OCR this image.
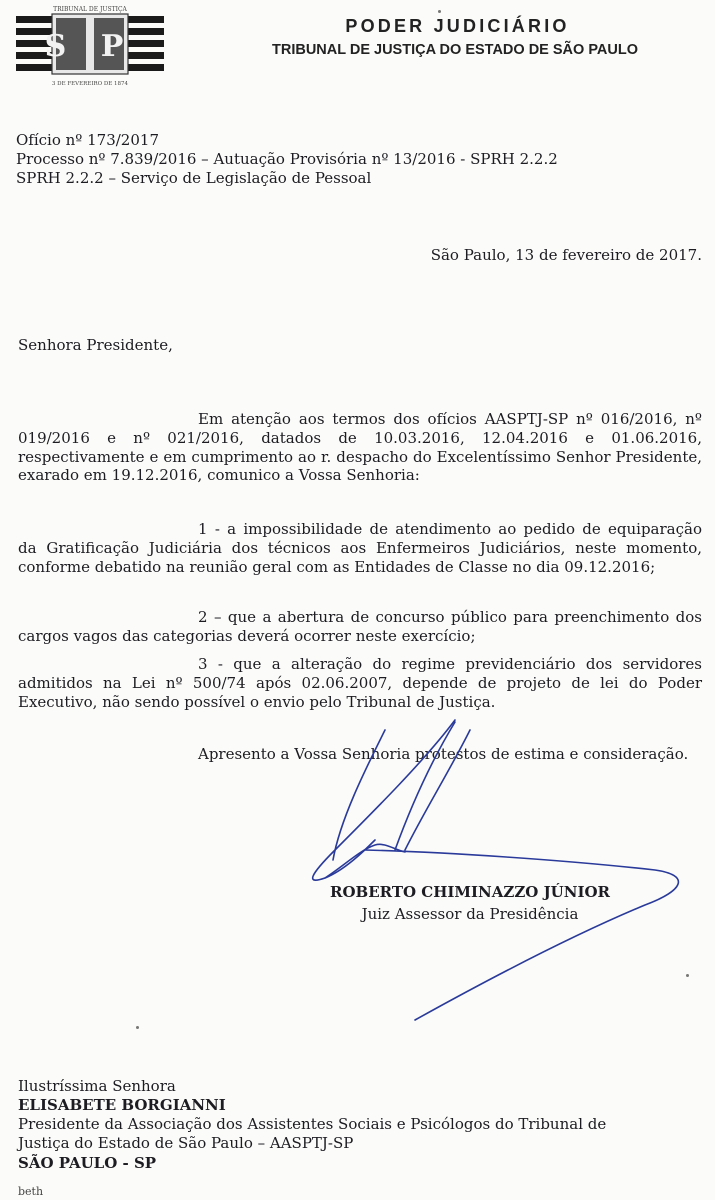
TRIBUNAL DE JUSTIÇA
S P
3 DE FEVEREIRO DE 1874
PODER JUDICIÁRIO
TRIBUNAL DE JUSTIÇA DO ESTADO DE SÃO PAULO
Ofício nº 173/2017
Processo nº 7.839/2016 – Autuação Provisória nº 13/2016 - SPRH 2.2.2
SPRH 2.2.2 – Serviço de Legislação de Pessoal
São Paulo, 13 de fevereiro de 2017.
Senhora Presidente,
Em atenção aos termos dos ofícios AASPTJ-SP nº 016/2016, nº 019/2016 e nº 021/2016, datados de 10.03.2016, 12.04.2016 e 01.06.2016, respectivamente e em cumprimento ao r. despacho do Excelentíssimo Senhor Presidente, exarado em 19.12.2016, comunico a Vossa Senhoria:
1 - a impossibilidade de atendimento ao pedido de equiparação da Gratificação Judiciária dos técnicos aos Enfermeiros Judiciários, neste momento, conforme debatido na reunião geral com as Entidades de Classe no dia 09.12.2016;
2 – que a abertura de concurso público para preenchimento dos cargos vagos das categorias deverá ocorrer neste exercício;
3 - que a alteração do regime previdenciário dos servidores admitidos na Lei nº 500/74 após 02.06.2007, depende de projeto de lei do Poder Executivo, não sendo possível o envio pelo Tribunal de Justiça.
Apresento a Vossa Senhoria protestos de estima e consideração.
ROBERTO CHIMINAZZO JÚNIOR
Juiz Assessor da Presidência
Ilustríssima Senhora
ELISABETE BORGIANNI
Presidente da Associação dos Assistentes Sociais e Psicólogos do Tribunal de
Justiça do Estado de São Paulo – AASPTJ-SP
SÃO PAULO - SP
beth
